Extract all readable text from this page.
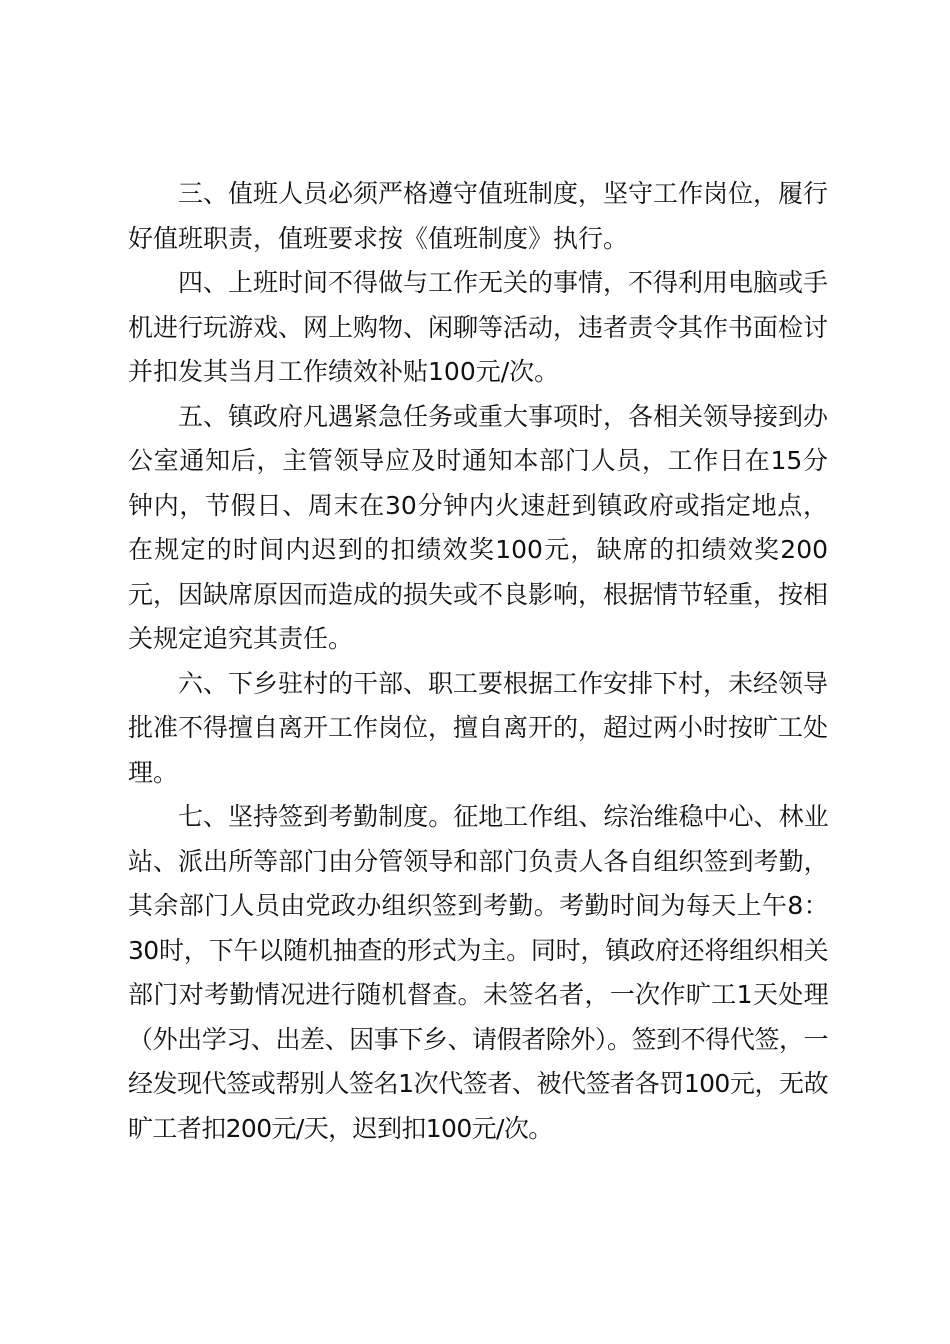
三、值班人员必须严格遵守值班制度，坚守工作岗位，履行好值班职责，值班要求按《值班制度》执行。

四、上班时间不得做与工作无关的事情，不得利用电脑或手机进行玩游戏、网上购物、闲聊等活动，违者责令其作书面检讨并扣发其当月工作绩效补贴100元/次。

五、镇政府凡遇紧急任务或重大事项时，各相关领导接到办公室通知后，主管领导应及时通知本部门人员，工作日在15分钟内，节假日、周末在30分钟内火速赶到镇政府或指定地点，在规定的时间内迟到的扣绩效奖100元，缺席的扣绩效奖200元，因缺席原因而造成的损失或不良影响，根据情节轻重，按相关规定追究其责任。

六、下乡驻村的干部、职工要根据工作安排下村，未经领导批准不得擅自离开工作岗位，擅自离开的，超过两小时按旷工处理。

七、坚持签到考勤制度。征地工作组、综治维稳中心、林业站、派出所等部门由分管领导和部门负责人各自组织签到考勤，其余部门人员由党政办组织签到考勤。考勤时间为每天上午8：30时，下午以随机抽查的形式为主。同时，镇政府还将组织相关部门对考勤情况进行随机督查。未签名者，一次作旷工1天处理（外出学习、出差、因事下乡、请假者除外）。签到不得代签，一经发现代签或帮别人签名1次代签者、被代签者各罚100元，无故旷工者扣200元/天，迟到扣100元/次。
